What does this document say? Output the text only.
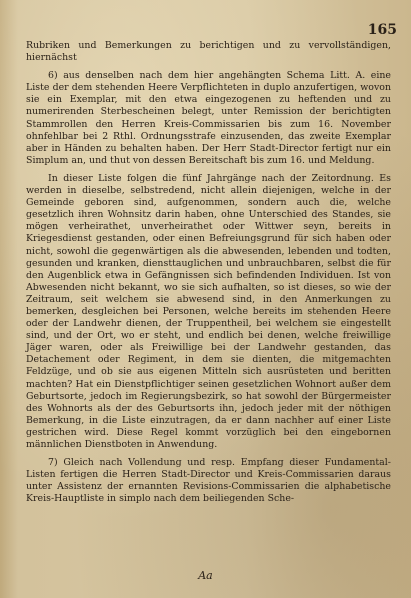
165

Rubriken und Bemerkungen zu berichtigen und zu vervollständigen, hiernächst

6) aus denselben nach dem hier angehängten Schema Litt. A. eine Liste der dem stehenden Heere Verpflichteten in duplo anzufertigen, wovon sie ein Exemplar, mit den etwa eingezogenen zu heftenden und zu numerirenden Sterbescheinen belegt, unter Remission der berichtigten Stammrollen den Herren Kreis-Commissarien bis zum 16. November ohnfehlbar bei 2 Rthl. Ordnungsstrafe einzusenden, das zweite Exemplar aber in Händen zu behalten haben. Der Herr Stadt-Director fertigt nur ein Simplum an, und thut von dessen Bereitschaft bis zum 16. und Meldung.

In dieser Liste folgen die fünf Jahrgänge nach der Zeitordnung. Es werden in dieselbe, selbstredend, nicht allein diejenigen, welche in der Gemeinde geboren sind, aufgenommen, sondern auch die, welche gesetzlich ihren Wohnsitz darin haben, ohne Unterschied des Standes, sie mögen verheirathet, unverheirathet oder Wittwer seyn, bereits in Kriegesdienst gestanden, oder einen Befreiungsgrund für sich haben oder nicht, sowohl die gegenwärtigen als die abwesenden, lebenden und todten, gesunden und kranken, diensttauglichen und unbrauchbaren, selbst die für den Augenblick etwa in Gefängnissen sich befindenden Individuen. Ist von Abwesenden nicht bekannt, wo sie sich aufhalten, so ist dieses, so wie der Zeitraum, seit welchem sie abwesend sind, in den Anmerkungen zu bemerken, desgleichen bei Personen, welche bereits im stehenden Heere oder der Landwehr dienen, der Truppentheil, bei welchem sie eingestellt sind, und der Ort, wo er steht, und endlich bei denen, welche freiwillige Jäger waren, oder als Freiwillige bei der Landwehr gestanden, das Detachement oder Regiment, in dem sie dienten, die mitgemachten Feldzüge, und ob sie aus eigenen Mitteln sich ausrüsteten und beritten machten? Hat ein Dienstpflichtiger seinen gesetzlichen Wohnort außer dem Geburtsorte, jedoch im Regierungsbezirk, so hat sowohl der Bürgermeister des Wohnorts als der des Geburtsorts ihn, jedoch jeder mit der nöthigen Bemerkung, in die Liste einzutragen, da er dann nachher auf einer Liste gestrichen wird. Diese Regel kommt vorzüglich bei den eingebornen männlichen Dienstboten in Anwendung.

7) Gleich nach Vollendung und resp. Empfang dieser Fundamental-Listen fertigen die Herren Stadt-Director und Kreis-Commissarien daraus unter Assistenz der ernannten Revisions-Commissarien die alphabetische Kreis-Hauptliste in simplo nach dem beiliegenden Sche-

Aa
